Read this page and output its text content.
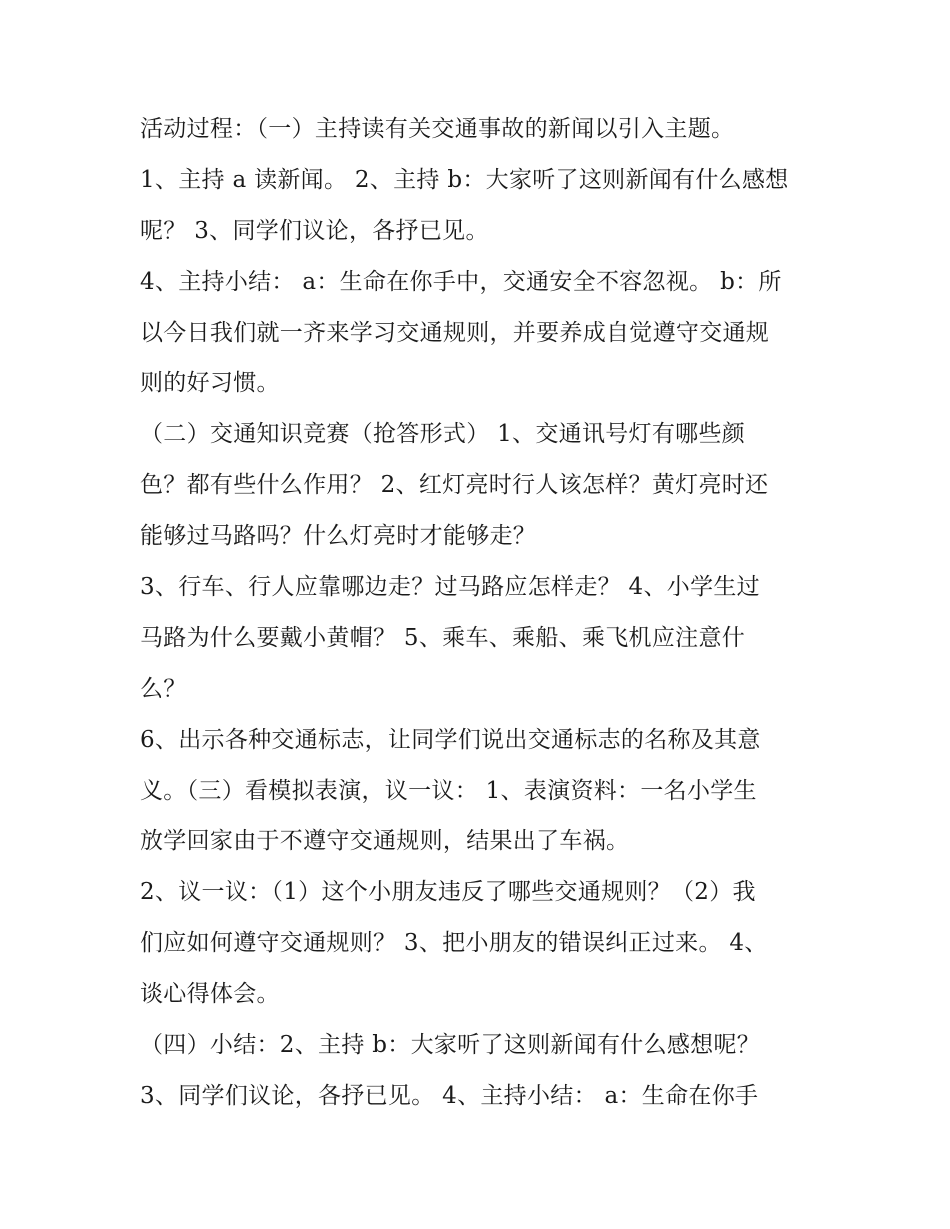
活动过程：（一）主持读有关交通事故的新闻以引入主题。
1、主持 a 读新闻。 2、主持 b：大家听了这则新闻有什么感想
呢？ 3、同学们议论，各抒已见。
4、主持小结： a：生命在你手中，交通安全不容忽视。 b：所
以今日我们就一齐来学习交通规则，并要养成自觉遵守交通规
则的好习惯。
（二）交通知识竞赛（抢答形式） 1、交通讯号灯有哪些颜
色？都有些什么作用？ 2、红灯亮时行人该怎样？黄灯亮时还
能够过马路吗？什么灯亮时才能够走？
3、行车、行人应靠哪边走？过马路应怎样走？ 4、小学生过
马路为什么要戴小黄帽？ 5、乘车、乘船、乘飞机应注意什
么？
6、出示各种交通标志，让同学们说出交通标志的名称及其意
义。（三）看模拟表演，议一议： 1、表演资料：一名小学生
放学回家由于不遵守交通规则，结果出了车祸。
2、议一议：（1）这个小朋友违反了哪些交通规则？（2）我
们应如何遵守交通规则？ 3、把小朋友的错误纠正过来。 4、
谈心得体会。
（四）小结：2、主持 b：大家听了这则新闻有什么感想呢？
3、同学们议论，各抒已见。 4、主持小结： a：生命在你手
